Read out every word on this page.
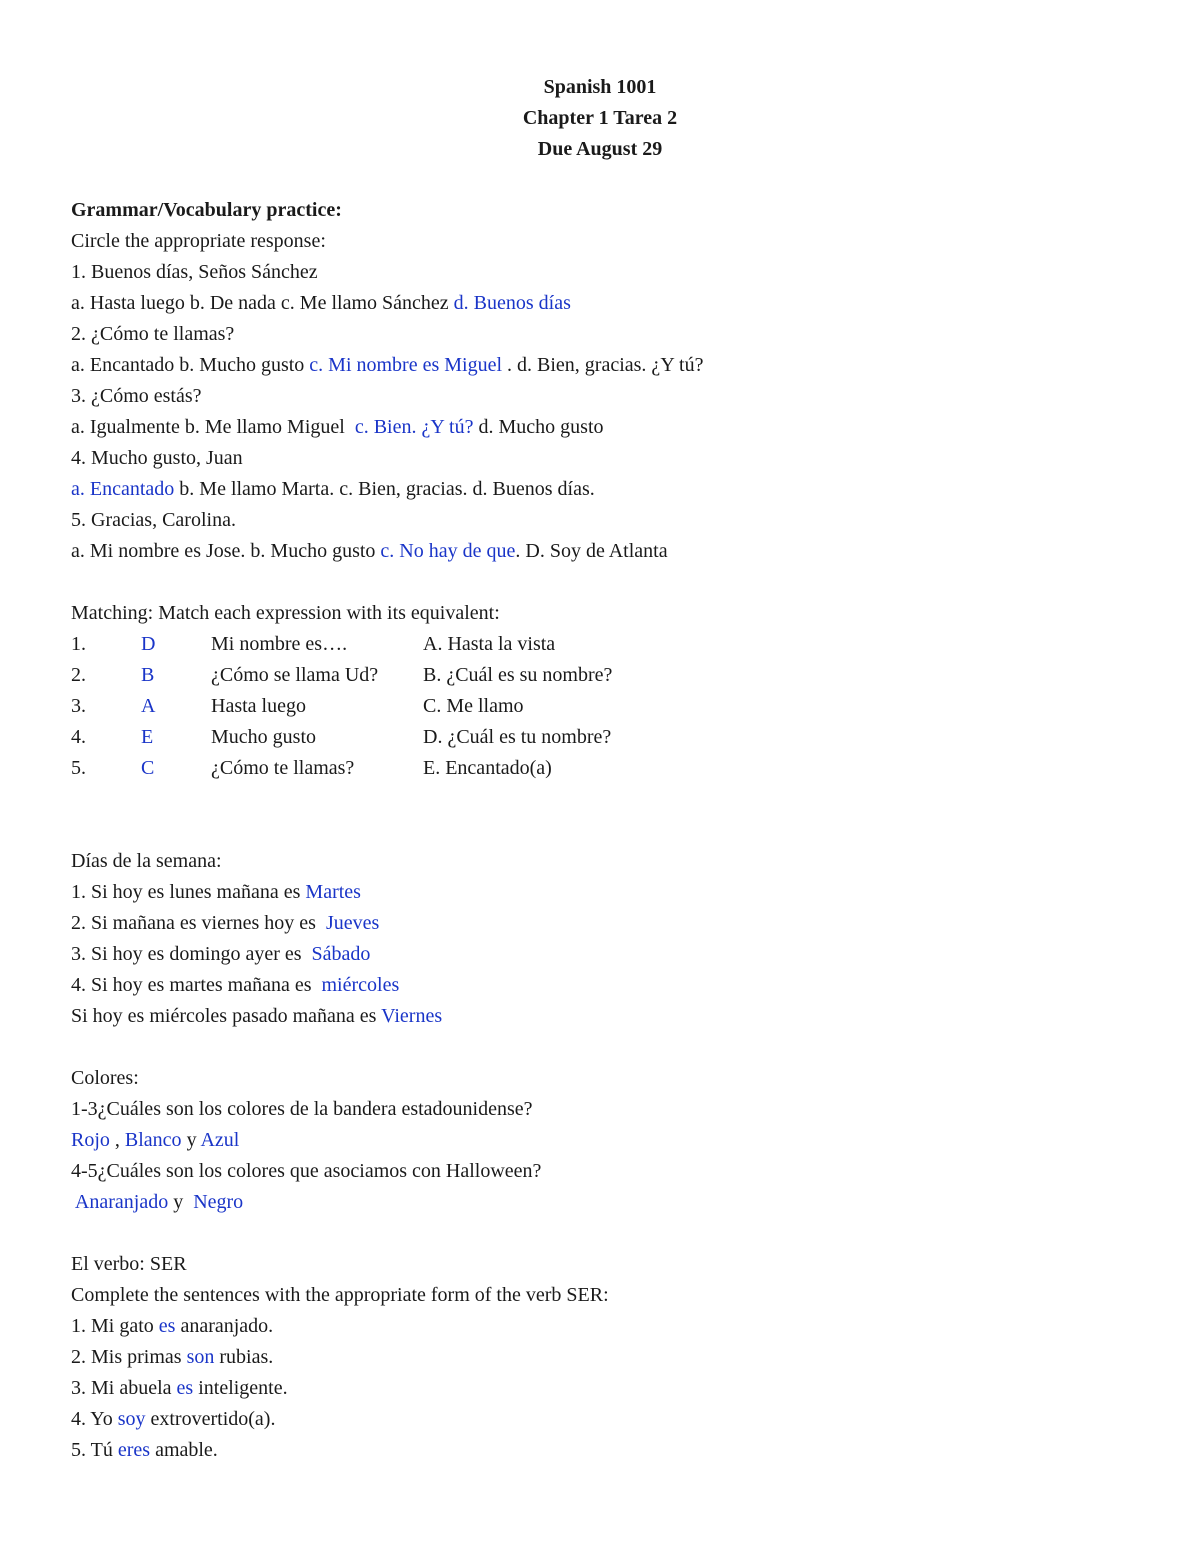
Spanish 1001
Chapter 1 Tarea 2
Due August 29
Grammar/Vocabulary practice:
Circle the appropriate response:
1. Buenos días, Seños Sánchez
a. Hasta luego b. De nada c. Me llamo Sánchez d. Buenos días
2. ¿Cómo te llamas?
a. Encantado b. Mucho gusto c. Mi nombre es Miguel . d. Bien, gracias. ¿Y tú?
3. ¿Cómo estás?
a. Igualmente b. Me llamo Miguel  c. Bien. ¿Y tú? d. Mucho gusto
4. Mucho gusto, Juan
a. Encantado b. Me llamo Marta. c. Bien, gracias. d. Buenos días.
5. Gracias, Carolina.
a. Mi nombre es Jose. b. Mucho gusto c. No hay de que. D. Soy de Atlanta
Matching: Match each expression with its equivalent:
1.	D	Mi nombre es….	A. Hasta la vista
2.	B	¿Cómo se llama Ud? B. ¿Cuál es su nombre?
3.	A	Hasta luego	C. Me llamo
4.	E	Mucho gusto	D. ¿Cuál es tu nombre?
5.	C	¿Cómo te llamas?	E. Encantado(a)
Días de la semana:
1. Si hoy es lunes mañana es Martes
2. Si mañana es viernes hoy es  Jueves
3. Si hoy es domingo ayer es  Sábado
4. Si hoy es martes mañana es  miércoles
Si hoy es miércoles pasado mañana es Viernes
Colores:
1-3¿Cuáles son los colores de la bandera estadounidense?
Rojo , Blanco y Azul
4-5¿Cuáles son los colores que asociamos con Halloween?
Anaranjado y  Negro
El verbo: SER
Complete the sentences with the appropriate form of the verb SER:
1. Mi gato es anaranjado.
2. Mis primas son rubias.
3. Mi abuela es inteligente.
4. Yo soy extrovertido(a).
5. Tú eres amable.
